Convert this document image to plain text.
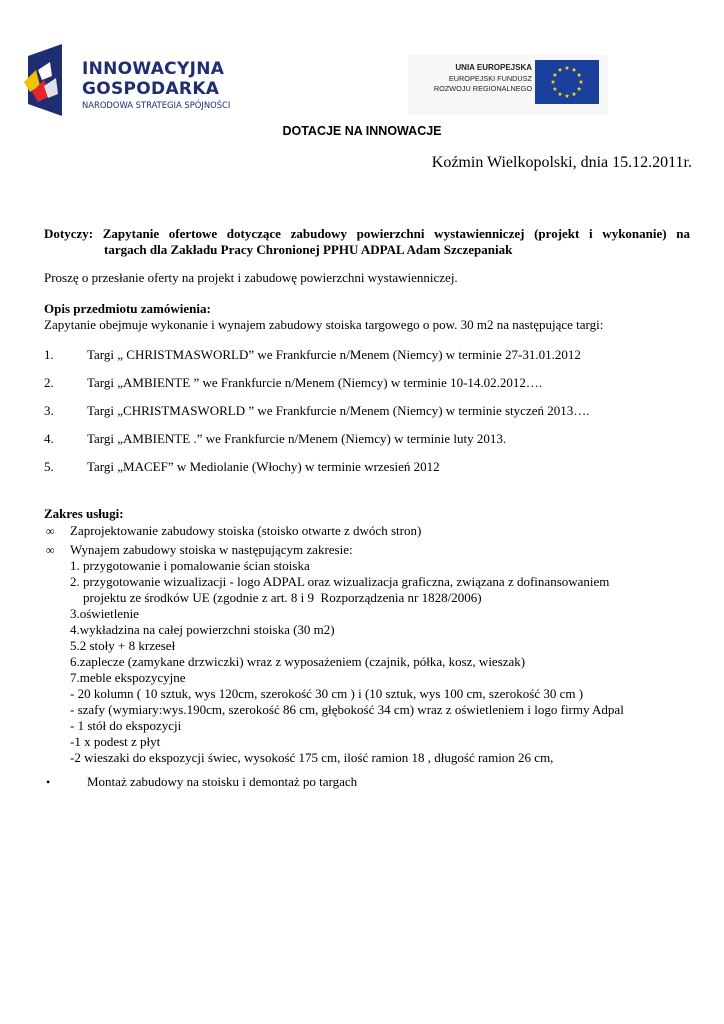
INNOWACYJNA
GOSPODARKA
NARODOWA STRATEGIA SPÓJNOŚCI
UNIA EUROPEJSKA
EUROPEJSKI FUNDUSZ
ROZWOJU REGIONALNEGO
DOTACJE NA INNOWACJE
Koźmin Wielkopolski, dnia 15.12.2011r.
Dotyczy: Zapytanie ofertowe dotyczące zabudowy powierzchni wystawienniczej (projekt i wykonanie) na
targach dla Zakładu Pracy Chronionej PPHU ADPAL Adam Szczepaniak
Proszę o przesłanie oferty na projekt i zabudowę powierzchni wystawienniczej.
Opis przedmiotu zamówienia:
Zapytanie obejmuje wykonanie i wynajem zabudowy stoiska targowego o pow. 30 m2 na następujące targi:
1.	Targi „ CHRISTMASWORLD” we Frankfurcie n/Menem (Niemcy) w terminie 27-31.01.2012
2.	Targi „AMBIENTE ” we Frankfurcie n/Menem (Niemcy) w terminie 10-14.02.2012….
3.	Targi „CHRISTMASWORLD ” we Frankfurcie n/Menem (Niemcy) w terminie styczeń 2013….
4.	Targi „AMBIENTE .” we Frankfurcie n/Menem (Niemcy) w terminie luty 2013.
5.	Targi „MACEF” w Mediolanie (Włochy) w terminie wrzesień 2012
Zakres usługi:
∞ Zaprojektowanie zabudowy stoiska (stoisko otwarte z dwóch stron)
∞ Wynajem zabudowy stoiska w następującym zakresie:
1. przygotowanie i pomalowanie ścian stoiska
2. przygotowanie wizualizacji - logo ADPAL oraz wizualizacja graficzna, związana z dofinansowaniem
projektu ze środków UE (zgodnie z art. 8 i 9  Rozporządzenia nr 1828/2006)
3.oświetlenie
4.wykładzina na całej powierzchni stoiska (30 m2)
5.2 stoły + 8 krzeseł
6.zaplecze (zamykane drzwiczki) wraz z wyposażeniem (czajnik, półka, kosz, wieszak)
7.meble ekspozycyjne
- 20 kolumn ( 10 sztuk, wys 120cm, szerokość 30 cm ) i (10 sztuk, wys 100 cm, szerokość 30 cm )
- szafy (wymiary:wys.190cm, szerokość 86 cm, głębokość 34 cm) wraz z oświetleniem i logo firmy Adpal
- 1 stół do ekspozycji
-1 x podest z płyt
-2 wieszaki do ekspozycji świec, wysokość 175 cm, ilość ramion 18 , długość ramion 26 cm,
•	Montaż zabudowy na stoisku i demontaż po targach
